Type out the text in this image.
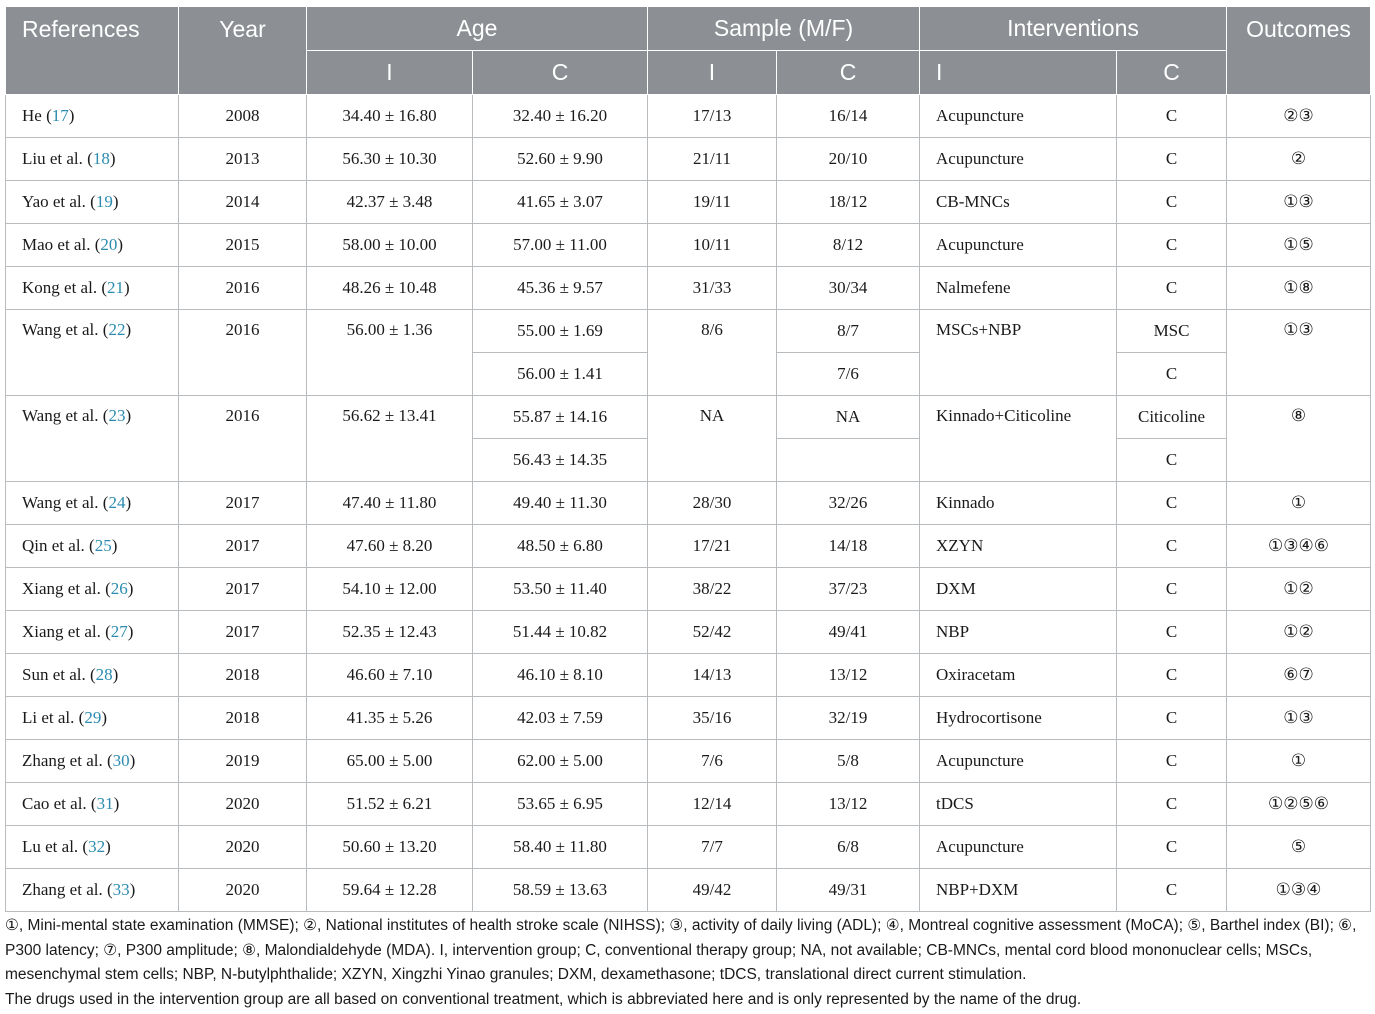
References	Year	Age		Sample (M/F)		Interventions		Outcomes
		I	C	I	C	I	C	
He (17)	2008	34.40 ± 16.80	32.40 ± 16.20	17/13	16/14	Acupuncture	C	②③
Liu et al. (18)	2013	56.30 ± 10.30	52.60 ± 9.90	21/11	20/10	Acupuncture	C	②
Yao et al. (19)	2014	42.37 ± 3.48	41.65 ± 3.07	19/11	18/12	CB-MNCs	C	①③
Mao et al. (20)	2015	58.00 ± 10.00	57.00 ± 11.00	10/11	8/12	Acupuncture	C	①⑤
Kong et al. (21)	2016	48.26 ± 10.48	45.36 ± 9.57	31/33	30/34	Nalmefene	C	①⑧
Wang et al. (22)	2016	56.00 ± 1.36	55.00 ± 1.69	8/6	8/7	MSCs+NBP	MSC	①③
			56.00 ± 1.41		7/6		C	
Wang et al. (23)	2016	56.62 ± 13.41	55.87 ± 14.16	NA	NA	Kinnado+Citicoline	Citicoline	⑧
			56.43 ± 14.35				C	
Wang et al. (24)	2017	47.40 ± 11.80	49.40 ± 11.30	28/30	32/26	Kinnado	C	①
Qin et al. (25)	2017	47.60 ± 8.20	48.50 ± 6.80	17/21	14/18	XZYN	C	①③④⑥
Xiang et al. (26)	2017	54.10 ± 12.00	53.50 ± 11.40	38/22	37/23	DXM	C	①②
Xiang et al. (27)	2017	52.35 ± 12.43	51.44 ± 10.82	52/42	49/41	NBP	C	①②
Sun et al. (28)	2018	46.60 ± 7.10	46.10 ± 8.10	14/13	13/12	Oxiracetam	C	⑥⑦
Li et al. (29)	2018	41.35 ± 5.26	42.03 ± 7.59	35/16	32/19	Hydrocortisone	C	①③
Zhang et al. (30)	2019	65.00 ± 5.00	62.00 ± 5.00	7/6	5/8	Acupuncture	C	①
Cao et al. (31)	2020	51.52 ± 6.21	53.65 ± 6.95	12/14	13/12	tDCS	C	①②⑤⑥
Lu et al. (32)	2020	50.60 ± 13.20	58.40 ± 11.80	7/7	6/8	Acupuncture	C	⑤
Zhang et al. (33)	2020	59.64 ± 12.28	58.59 ± 13.63	49/42	49/31	NBP+DXM	C	①③④

①, Mini-mental state examination (MMSE); ②, National institutes of health stroke scale (NIHSS); ③, activity of daily living (ADL); ④, Montreal cognitive assessment (MoCA); ⑤, Barthel index (BI); ⑥, P300 latency; ⑦, P300 amplitude; ⑧, Malondialdehyde (MDA). I, intervention group; C, conventional therapy group; NA, not available; CB-MNCs, mental cord blood mononuclear cells; MSCs, mesenchymal stem cells; NBP, N-butylphthalide; XZYN, Xingzhi Yinao granules; DXM, dexamethasone; tDCS, translational direct current stimulation.

The drugs used in the intervention group are all based on conventional treatment, which is abbreviated here and is only represented by the name of the drug.
